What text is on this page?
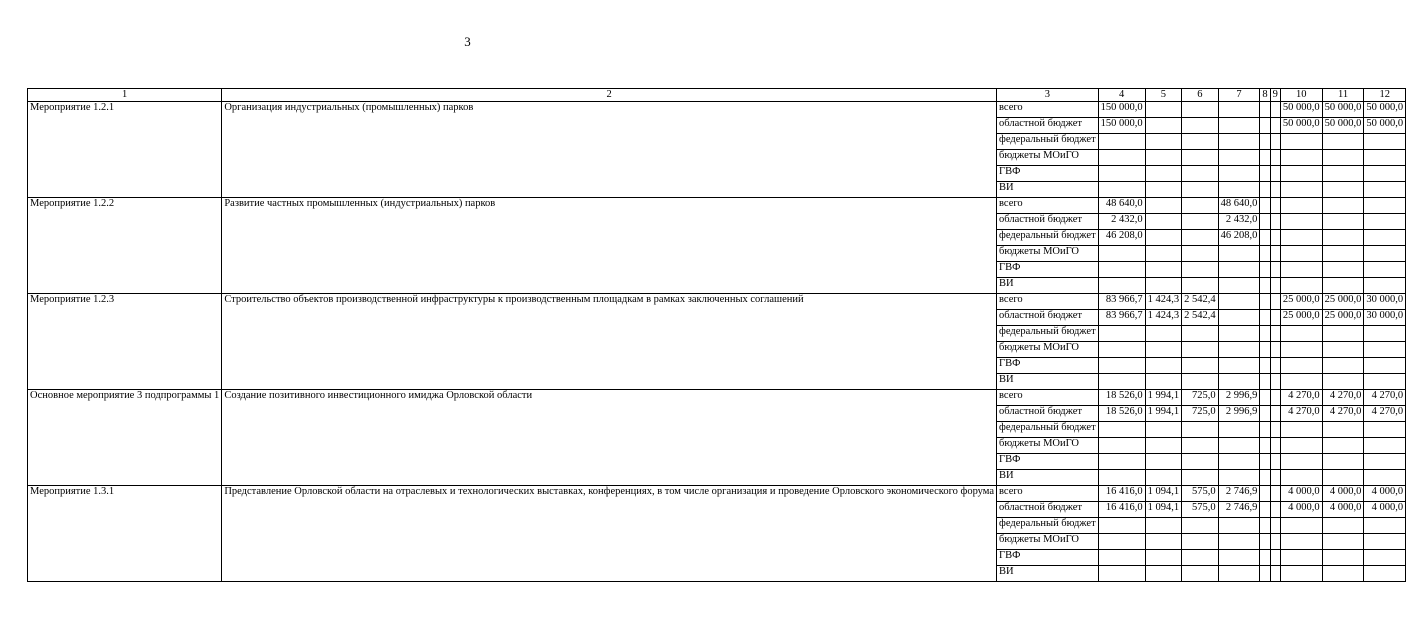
3
1	2	3	4	5	6	7	8	9	10	11	12
Мероприятие 1.2.1	Организация индустриальных (промышленных) парков	всего	150 000,0						50 000,0	50 000,0	50 000,0
		областной бюджет	150 000,0						50 000,0	50 000,0	50 000,0
		федеральный бюджет									
		бюджеты МОиГО									
		ГВФ									
		ВИ									
Мероприятие 1.2.2	Развитие частных промышленных (индустриальных) парков	всего	48 640,0			48 640,0					
		областной бюджет	2 432,0			2 432,0					
		федеральный бюджет	46 208,0			46 208,0					
		бюджеты МОиГО									
		ГВФ									
		ВИ									
Мероприятие 1.2.3	Строительство объектов производственной инфраструктуры к производственным площадкам в рамках заключенных соглашений	всего	83 966,7	1 424,3	2 542,4				25 000,0	25 000,0	30 000,0
		областной бюджет	83 966,7	1 424,3	2 542,4				25 000,0	25 000,0	30 000,0
		федеральный бюджет									
		бюджеты МОиГО									
		ГВФ									
		ВИ									
Основное мероприятие 3 подпрограммы 1	Создание позитивного инвестиционного имиджа Орловской области	всего	18 526,0	1 994,1	725,0	2 996,9			4 270,0	4 270,0	4 270,0
		областной бюджет	18 526,0	1 994,1	725,0	2 996,9			4 270,0	4 270,0	4 270,0
		федеральный бюджет									
		бюджеты МОиГО									
		ГВФ									
		ВИ									
Мероприятие 1.3.1	Представление Орловской области на отраслевых и технологических выставках, конференциях, в том числе организация и проведение Орловского экономического форума	всего	16 416,0	1 094,1	575,0	2 746,9			4 000,0	4 000,0	4 000,0
		областной бюджет	16 416,0	1 094,1	575,0	2 746,9			4 000,0	4 000,0	4 000,0
		федеральный бюджет									
		бюджеты МОиГО									
		ГВФ									
		ВИ									
